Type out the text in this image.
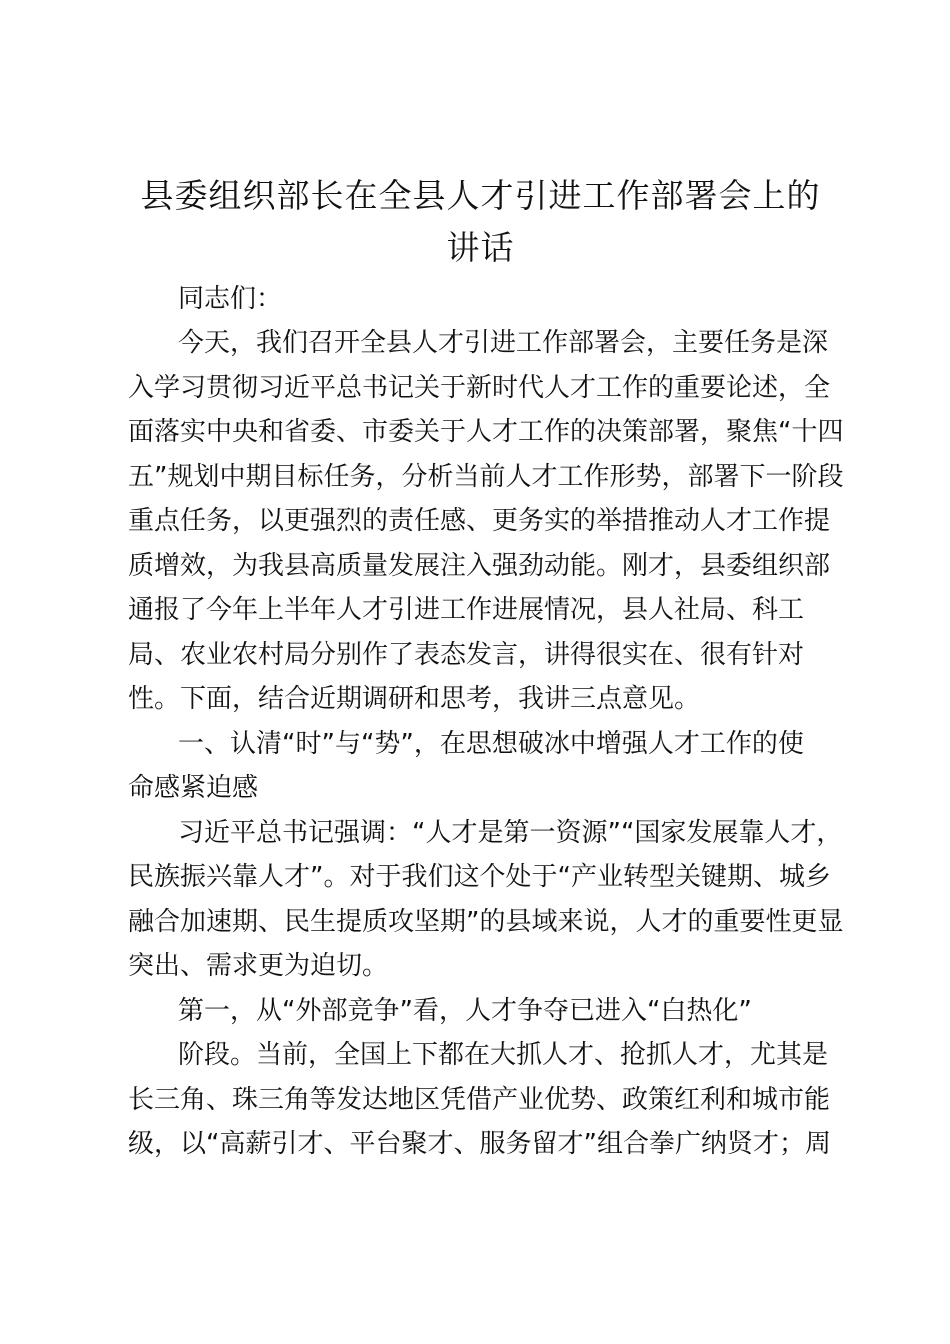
县委组织部长在全县人才引进工作部署会上的讲话

同志们：

今天，我们召开全县人才引进工作部署会，主要任务是深

入学习贯彻习近平总书记关于新时代人才工作的重要论述，全

面落实中央和省委、市委关于人才工作的决策部署，聚焦“十四

五”规划中期目标任务，分析当前人才工作形势，部署下一阶段

重点任务，以更强烈的责任感、更务实的举措推动人才工作提

质增效，为我县高质量发展注入强劲动能。刚才，县委组织部

通报了今年上半年人才引进工作进展情况，县人社局、科工

局、农业农村局分别作了表态发言，讲得很实在、很有针对

性。下面，结合近期调研和思考，我讲三点意见。

一、认清“时”与“势”，在思想破冰中增强人才工作的使

命感紧迫感

习近平总书记强调：“人才是第一资源”“国家发展靠人才，

民族振兴靠人才”。对于我们这个处于“产业转型关键期、城乡

融合加速期、民生提质攻坚期”的县域来说，人才的重要性更显

突出、需求更为迫切。

第一，从“外部竞争”看，人才争夺已进入“白热化”

阶段。当前，全国上下都在大抓人才、抢抓人才，尤其是

长三角、珠三角等发达地区凭借产业优势、政策红利和城市能

级，以“高薪引才、平台聚才、服务留才”组合拳广纳贤才；周
